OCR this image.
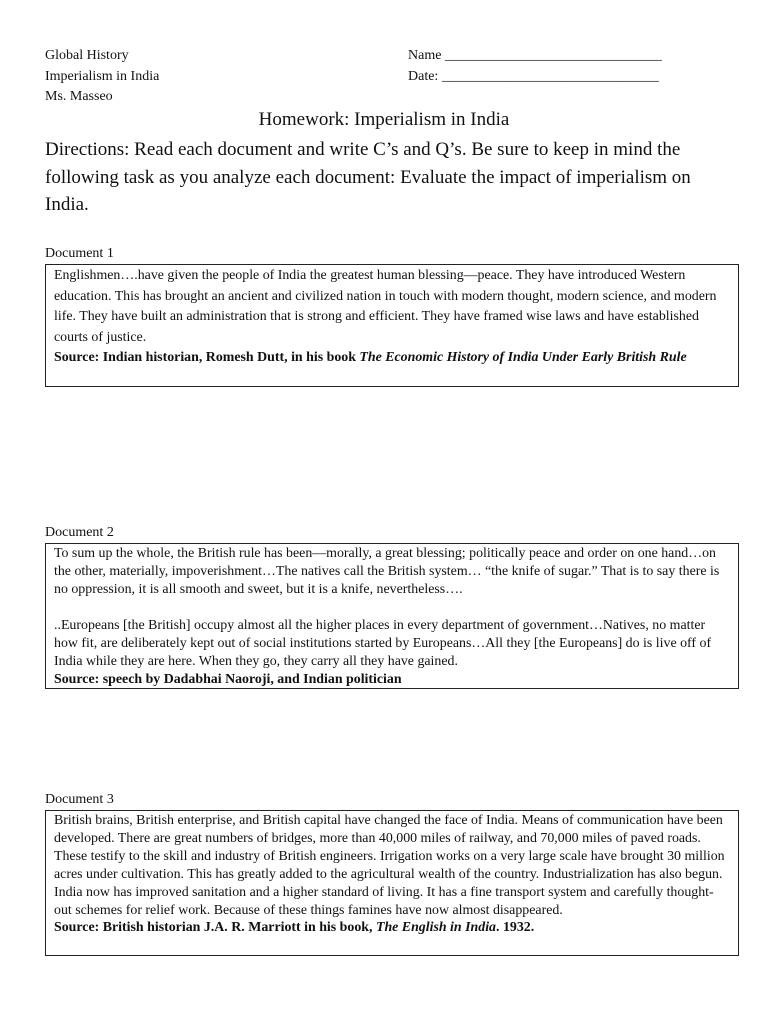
Global History
Imperialism in India
Ms. Masseo
Name _______________________________
Date: _______________________________
Homework: Imperialism in India
Directions: Read each document and write C’s and Q’s. Be sure to keep in mind the following task as you analyze each document: Evaluate the impact of imperialism on India.
Document 1

Englishmen….have given the people of India the greatest human blessing—peace. They have introduced Western education. This has brought an ancient and civilized nation in touch with modern thought, modern science, and modern life. They have built an administration that is strong and efficient. They have framed wise laws and have established courts of justice.

Source: Indian historian, Romesh Dutt, in his book The Economic History of India Under Early British Rule

Document 2

To sum up the whole, the British rule has been—morally, a great blessing; politically peace and order on one hand…on the other, materially, impoverishment…The natives call the British system… “the knife of sugar.” That is to say there is no oppression, it is all smooth and sweet, but it is a knife, nevertheless….

..Europeans [the British] occupy almost all the higher places in every department of government…Natives, no matter how fit, are deliberately kept out of social institutions started by Europeans…All they [the Europeans] do is live off of India while they are here. When they go, they carry all they have gained.

Source: speech by Dadabhai Naoroji, and Indian politician

Document 3

British brains, British enterprise, and British capital have changed the face of India. Means of communication have been developed. There are great numbers of bridges, more than 40,000 miles of railway, and 70,000 miles of paved roads. These testify to the skill and industry of British engineers. Irrigation works on a very large scale have brought 30 million acres under cultivation. This has greatly added to the agricultural wealth of the country. Industrialization has also begun. India now has improved sanitation and a higher standard of living. It has a fine transport system and carefully thought-out schemes for relief work. Because of these things famines have now almost disappeared.

Source: British historian J.A. R. Marriott in his book, The English in India. 1932.
